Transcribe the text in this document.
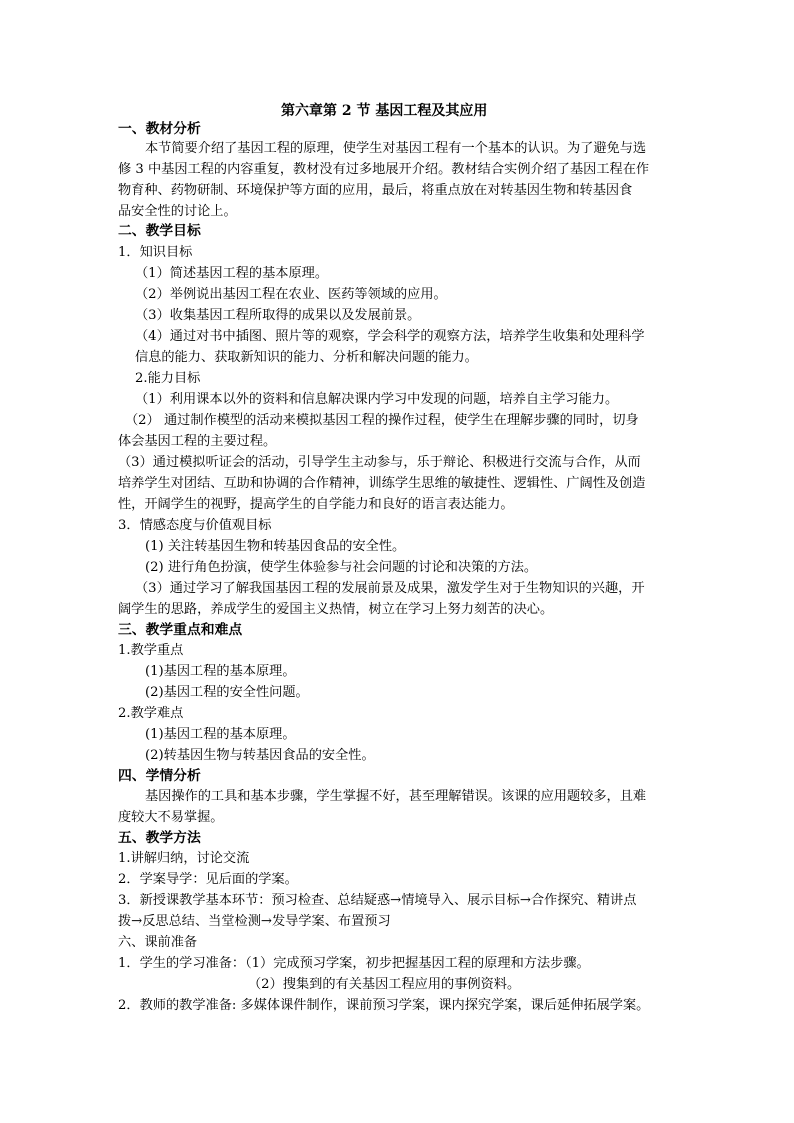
第六章第 2 节 基因工程及其应用
一、教材分析
本节简要介绍了基因工程的原理，使学生对基因工程有一个基本的认识。为了避免与选
修 3 中基因工程的内容重复，教材没有过多地展开介绍。教材结合实例介绍了基因工程在作
物育种、药物研制、环境保护等方面的应用，最后，将重点放在对转基因生物和转基因食
品安全性的讨论上。
二、教学目标
1．知识目标
（1）简述基因工程的基本原理。
（2）举例说出基因工程在农业、医药等领域的应用。
（3）收集基因工程所取得的成果以及发展前景。
（4）通过对书中插图、照片等的观察，学会科学的观察方法，培养学生收集和处理科学
信息的能力、获取新知识的能力、分析和解决问题的能力。
2.能力目标
（1）利用课本以外的资料和信息解决课内学习中发现的问题，培养自主学习能力。
（2） 通过制作模型的活动来模拟基因工程的操作过程，使学生在理解步骤的同时，切身
体会基因工程的主要过程。
（3）通过模拟听证会的活动，引导学生主动参与，乐于辩论、积极进行交流与合作，从而
培养学生对团结、互助和协调的合作精神，训练学生思维的敏捷性、逻辑性、广阔性及创造
性，开阔学生的视野，提高学生的自学能力和良好的语言表达能力。
3．情感态度与价值观目标
(1) 关注转基因生物和转基因食品的安全性。
(2) 进行角色扮演，使学生体验参与社会问题的讨论和决策的方法。
（3）通过学习了解我国基因工程的发展前景及成果，激发学生对于生物知识的兴趣，开
阔学生的思路，养成学生的爱国主义热情，树立在学习上努力刻苦的决心。
三、教学重点和难点
1.教学重点
(1)基因工程的基本原理。
(2)基因工程的安全性问题。
2.教学难点
(1)基因工程的基本原理。
(2)转基因生物与转基因食品的安全性。
四、学情分析
基因操作的工具和基本步骤，学生掌握不好，甚至理解错误。该课的应用题较多，且难
度较大不易掌握。
五、教学方法
1.讲解归纳，讨论交流
2．学案导学：见后面的学案。
3．新授课教学基本环节：预习检查、总结疑惑→情境导入、展示目标→合作探究、精讲点
拨→反思总结、当堂检测→发导学案、布置预习
六、课前准备
1．学生的学习准备：（1）完成预习学案，初步把握基因工程的原理和方法步骤。
（2）搜集到的有关基因工程应用的事例资料。
2．教师的教学准备: 多媒体课件制作，课前预习学案，课内探究学案，课后延伸拓展学案。
